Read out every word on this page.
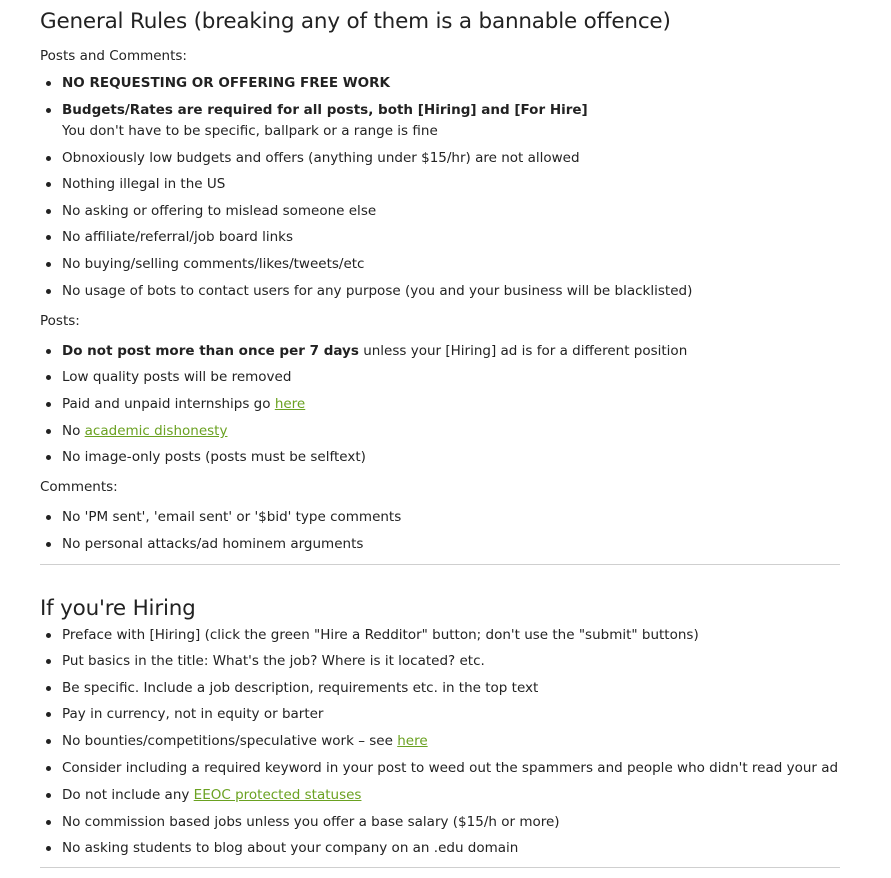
General Rules (breaking any of them is a bannable offence)

Posts and Comments:

NO REQUESTING OR OFFERING FREE WORK
Budgets/Rates are required for all posts, both [Hiring] and [For Hire]
You don't have to be specific, ballpark or a range is fine
Obnoxiously low budgets and offers (anything under $15/hr) are not allowed
Nothing illegal in the US
No asking or offering to mislead someone else
No affiliate/referral/job board links
No buying/selling comments/likes/tweets/etc
No usage of bots to contact users for any purpose (you and your business will be blacklisted)

Posts:

Do not post more than once per 7 days unless your [Hiring] ad is for a different position
Low quality posts will be removed
Paid and unpaid internships go here
No academic dishonesty
No image-only posts (posts must be selftext)

Comments:

No 'PM sent', 'email sent' or '$bid' type comments
No personal attacks/ad hominem arguments
If you're Hiring
Preface with [Hiring] (click the green "Hire a Redditor" button; don't use the "submit" buttons)
Put basics in the title: What's the job? Where is it located? etc.
Be specific. Include a job description, requirements etc. in the top text
Pay in currency, not in equity or barter
No bounties/competitions/speculative work – see here
Consider including a required keyword in your post to weed out the spammers and people who didn't read your ad
Do not include any EEOC protected statuses
No commission based jobs unless you offer a base salary ($15/h or more)
No asking students to blog about your company on an .edu domain
